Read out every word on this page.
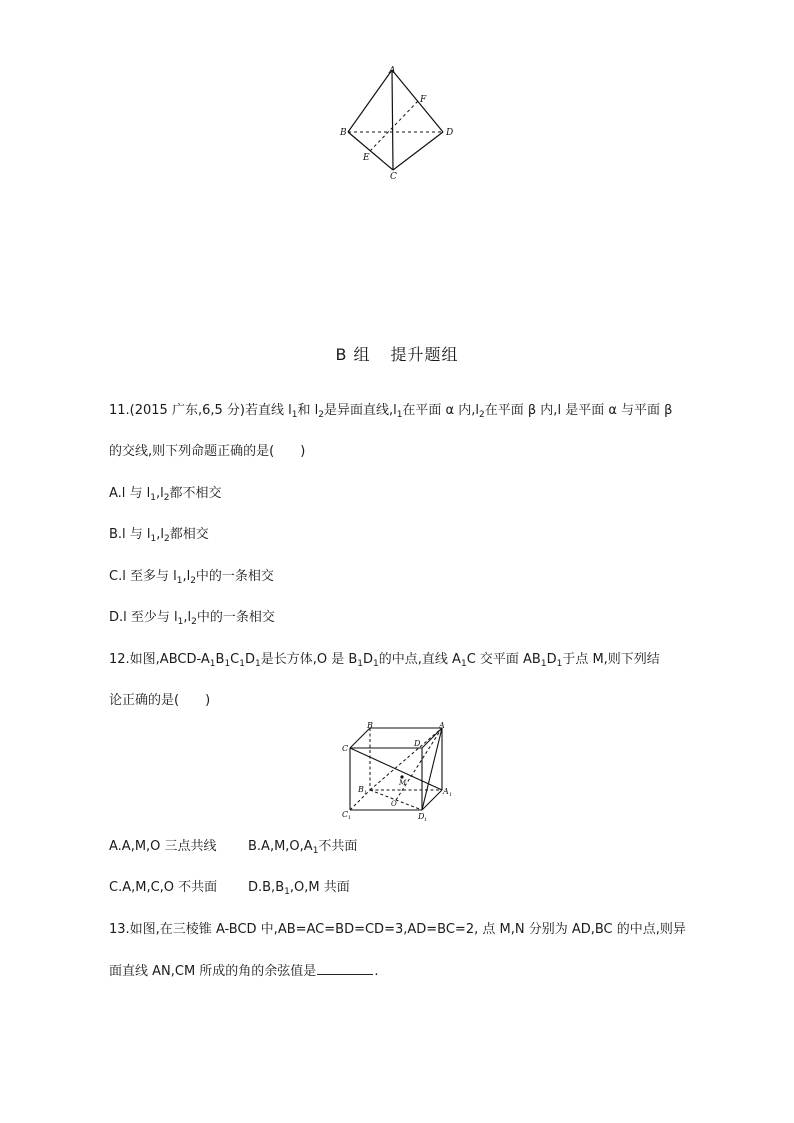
A
B	D
C
E
F
B 组 提升题组
11.(2015 广东,6,5 分)若直线 $l_1$和 $l_2$是异面直线$,l_1$在平面 α 内$,l_2$在平面 β 内,l 是平面 α 与平面 β
的交线,则下列命题正确的是(　　)
A.l 与 $l_1,l_2$都不相交
B.l 与 $l_1,l_2$都相交
C.l 至多与 $l_1,l_2$中的一条相交
D.l 至少与 $l_1,l_2$中的一条相交
12.如图$,ABCD-A_1B_1C_1D_1$是长方体,O 是 $B_1D_1$的中点,直线 $A_1C$ 交平面 $AB_1D_1$于点 M,则下列结
论正确的是(　　)
B	A
C
D
M
O
B 1	A 1
C 1	D 1
A.A,M,O 三点共线 $B.A,M,O,A_1$不共面
C.A,M,C,O 不共面 $D.B,B_1,O,M$ 共面
13.如图,在三棱锥 A-BCD 中,AB=AC=BD=CD=3,AD=BC=2, 点 M,N 分别为 AD,BC 的中点,则异
面直线 AN,CM 所成的角的余弦值是	.
